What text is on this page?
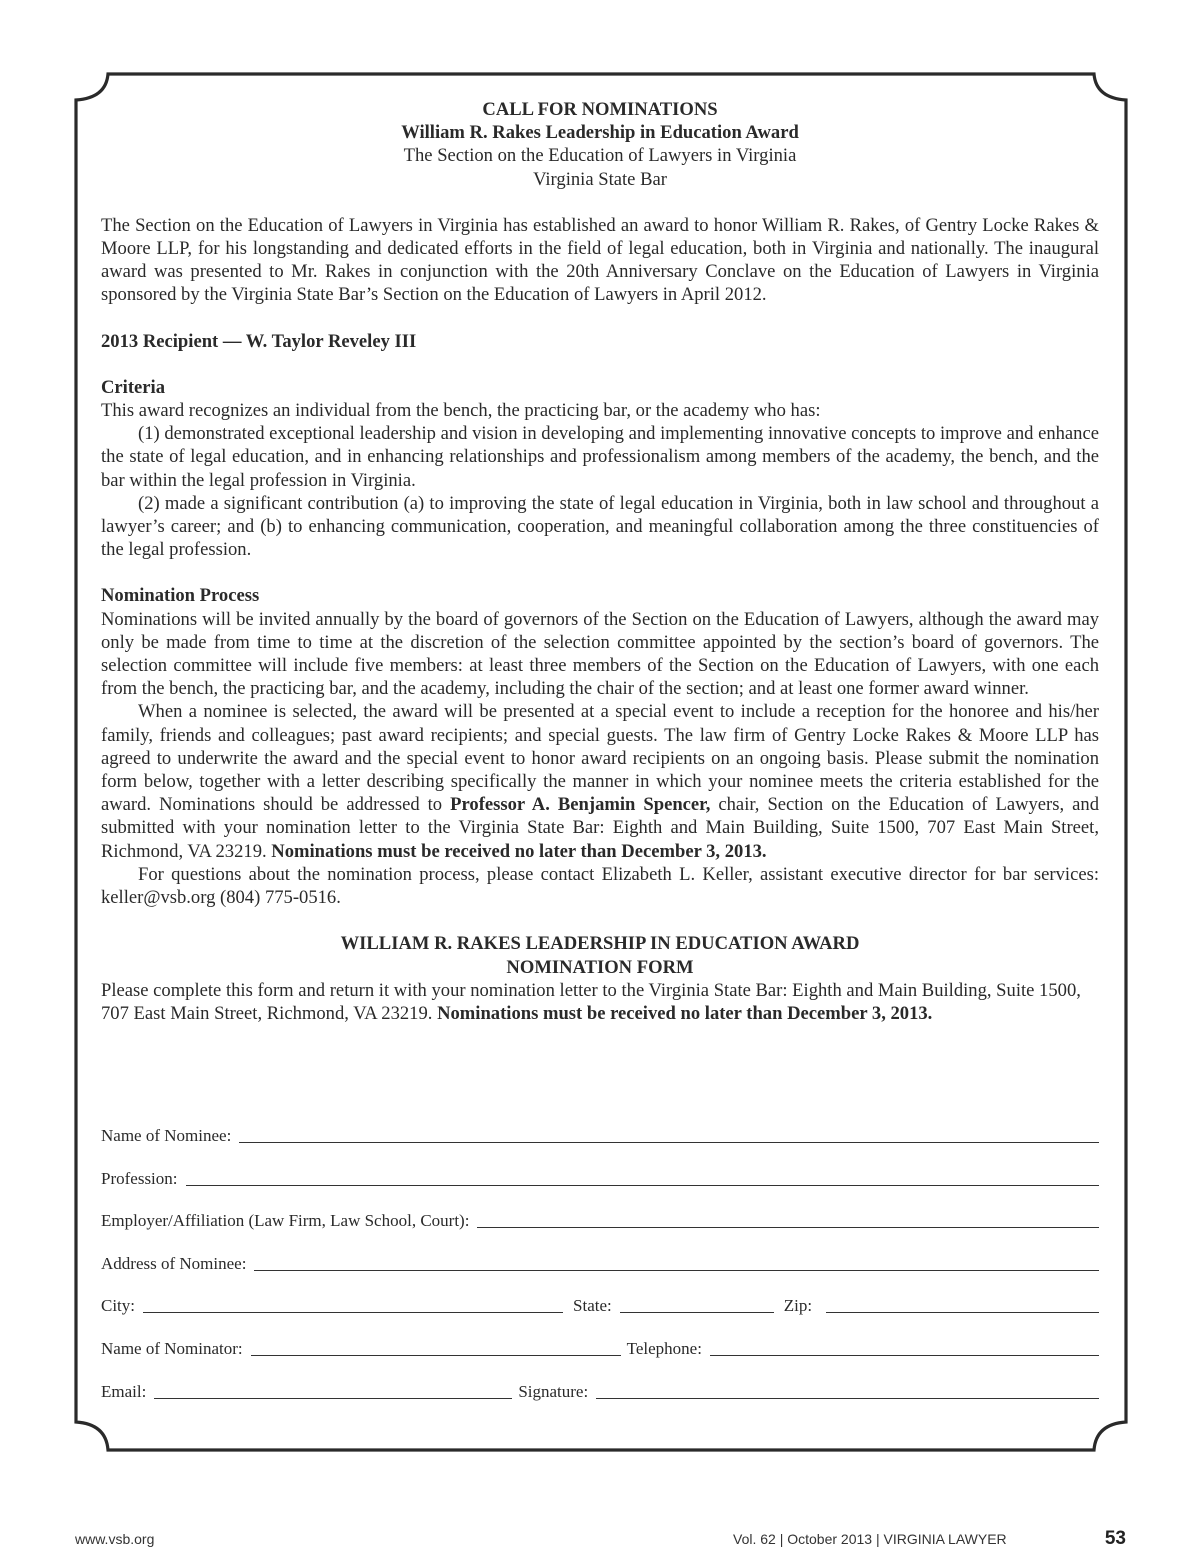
CALL FOR NOMINATIONS

William R. Rakes Leadership in Education Award

The Section on the Education of Lawyers in Virginia

Virginia State Bar

The Section on the Education of Lawyers in Virginia has established an award to honor William R. Rakes, of Gentry Locke Rakes & Moore LLP, for his longstanding and dedicated efforts in the field of legal education, both in Virginia and nationally. The inaugural award was presented to Mr. Rakes in conjunction with the 20th Anniversary Conclave on the Education of Lawyers in Virginia sponsored by the Virginia State Bar’s Section on the Education of Lawyers in April 2012.

2013 Recipient — W. Taylor Reveley III

Criteria

This award recognizes an individual from the bench, the practicing bar, or the academy who has:

(1) demonstrated exceptional leadership and vision in developing and implementing innovative concepts to improve and enhance the state of legal education, and in enhancing relationships and professionalism among members of the academy, the bench, and the bar within the legal profession in Virginia.

(2) made a significant contribution (a) to improving the state of legal education in Virginia, both in law school and throughout a lawyer’s career; and (b) to enhancing communication, cooperation, and meaningful collaboration among the three constituencies of the legal profession.

Nomination Process

Nominations will be invited annually by the board of governors of the Section on the Education of Lawyers, although the award may only be made from time to time at the discretion of the selection committee appointed by the section’s board of governors. The selection committee will include five members: at least three members of the Section on the Education of Lawyers, with one each from the bench, the practicing bar, and the academy, including the chair of the section; and at least one former award winner.

When a nominee is selected, the award will be presented at a special event to include a reception for the honoree and his/her family, friends and colleagues; past award recipients; and special guests. The law firm of Gentry Locke Rakes & Moore LLP has agreed to underwrite the award and the special event to honor award recipients on an ongoing basis. Please submit the nomination form below, together with a letter describing specifically the manner in which your nominee meets the criteria established for the award. Nominations should be addressed to Professor A. Benjamin Spencer, chair, Section on the Education of Lawyers, and submitted with your nomination letter to the Virginia State Bar: Eighth and Main Building, Suite 1500, 707 East Main Street, Richmond, VA 23219. Nominations must be received no later than December 3, 2013.

For questions about the nomination process, please contact Elizabeth L. Keller, assistant executive director for bar services: keller@vsb.org (804) 775-0516.

WILLIAM R. RAKES LEADERSHIP IN EDUCATION AWARD

NOMINATION FORM

Please complete this form and return it with your nomination letter to the Virginia State Bar: Eighth and Main Building, Suite 1500, 707 East Main Street, Richmond, VA 23219. Nominations must be received no later than December 3, 2013.

Name of Nominee:
Profession:
Employer/Affiliation (Law Firm, Law School, Court):
Address of Nominee:
City:	State:	Zip:
Name of Nominator:	Telephone:
Email:	Signature:
www.vsb.org	Vol. 62 | October 2013 | VIRGINIA LAWYER	53
